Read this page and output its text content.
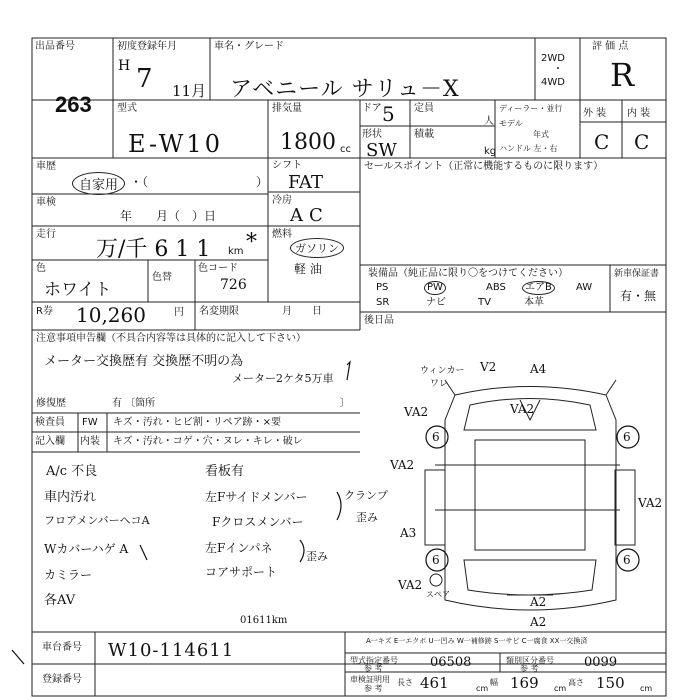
出品番号
263
初度登録年月
H 7 11月
車名・グレード
アベニール サリュ－X
2WD
・
4WD
評 価 点
R
型式
E-W10
排気量
1800 cc
ドア 5 定員
人
形状
SW
積載
kg
ディーラー・並行
モデル
年式
ハンドル 左・右
外 装 内 装
C C
車歴
自家用 ・（　　　　　　　　　）
車検
年　　月（　）日
走行
万/千 6 1 1 km *
色
ホワイト
色替
色コード
726
R券 10,260	円 名変期限	月　　日
シフト
FAT
冷房
AC
燃料
ガソリン
軽 油
セールスポイント（正常に機能するものに限ります）
装備品（純正品に限り〇をつけてください）	新車保証書
有・無
PS	PW	ABS	エアB	AW
SR	ナビ	TV	本革
後日品
注意事項申告欄（不具合内容等は具体的に記入して下さい）
メーター交換歴有 交換歴不明の為
メーター2ケタ5万車
修復歴	有 〔箇所	〕
検査員
記入欄
FW
内装
キズ・汚れ・ヒビ割・リペア跡・×要
キズ・汚れ・コゲ・穴・ヌレ・キレ・破レ
A/c 不良
車内汚れ
フロアメンバーヘコA
Wカバーハゲ A
カミラー
各AV
看板有
左Fサイドメンバー
Fクロスメンバー
左Fインパネ
コアサポート
クランプ
歪み
歪み
01611km
ウィンカー
ワレ
V2	A4
VA2	VA2
VA2
VA2
A3
VA2
A2
6	6
6	6
A2
スペア
A一キズ E一エクボ U一凹み W一補修跡 S一サビ C一腐食 XX一交換済
車台番号 W10-114611
登録番号
型式指定番号
参 考	06508	類別区分番号
参 考	0099
車検証明用
参 考
長さ 461	cm
幅 169 cm
高さ 150 cm
